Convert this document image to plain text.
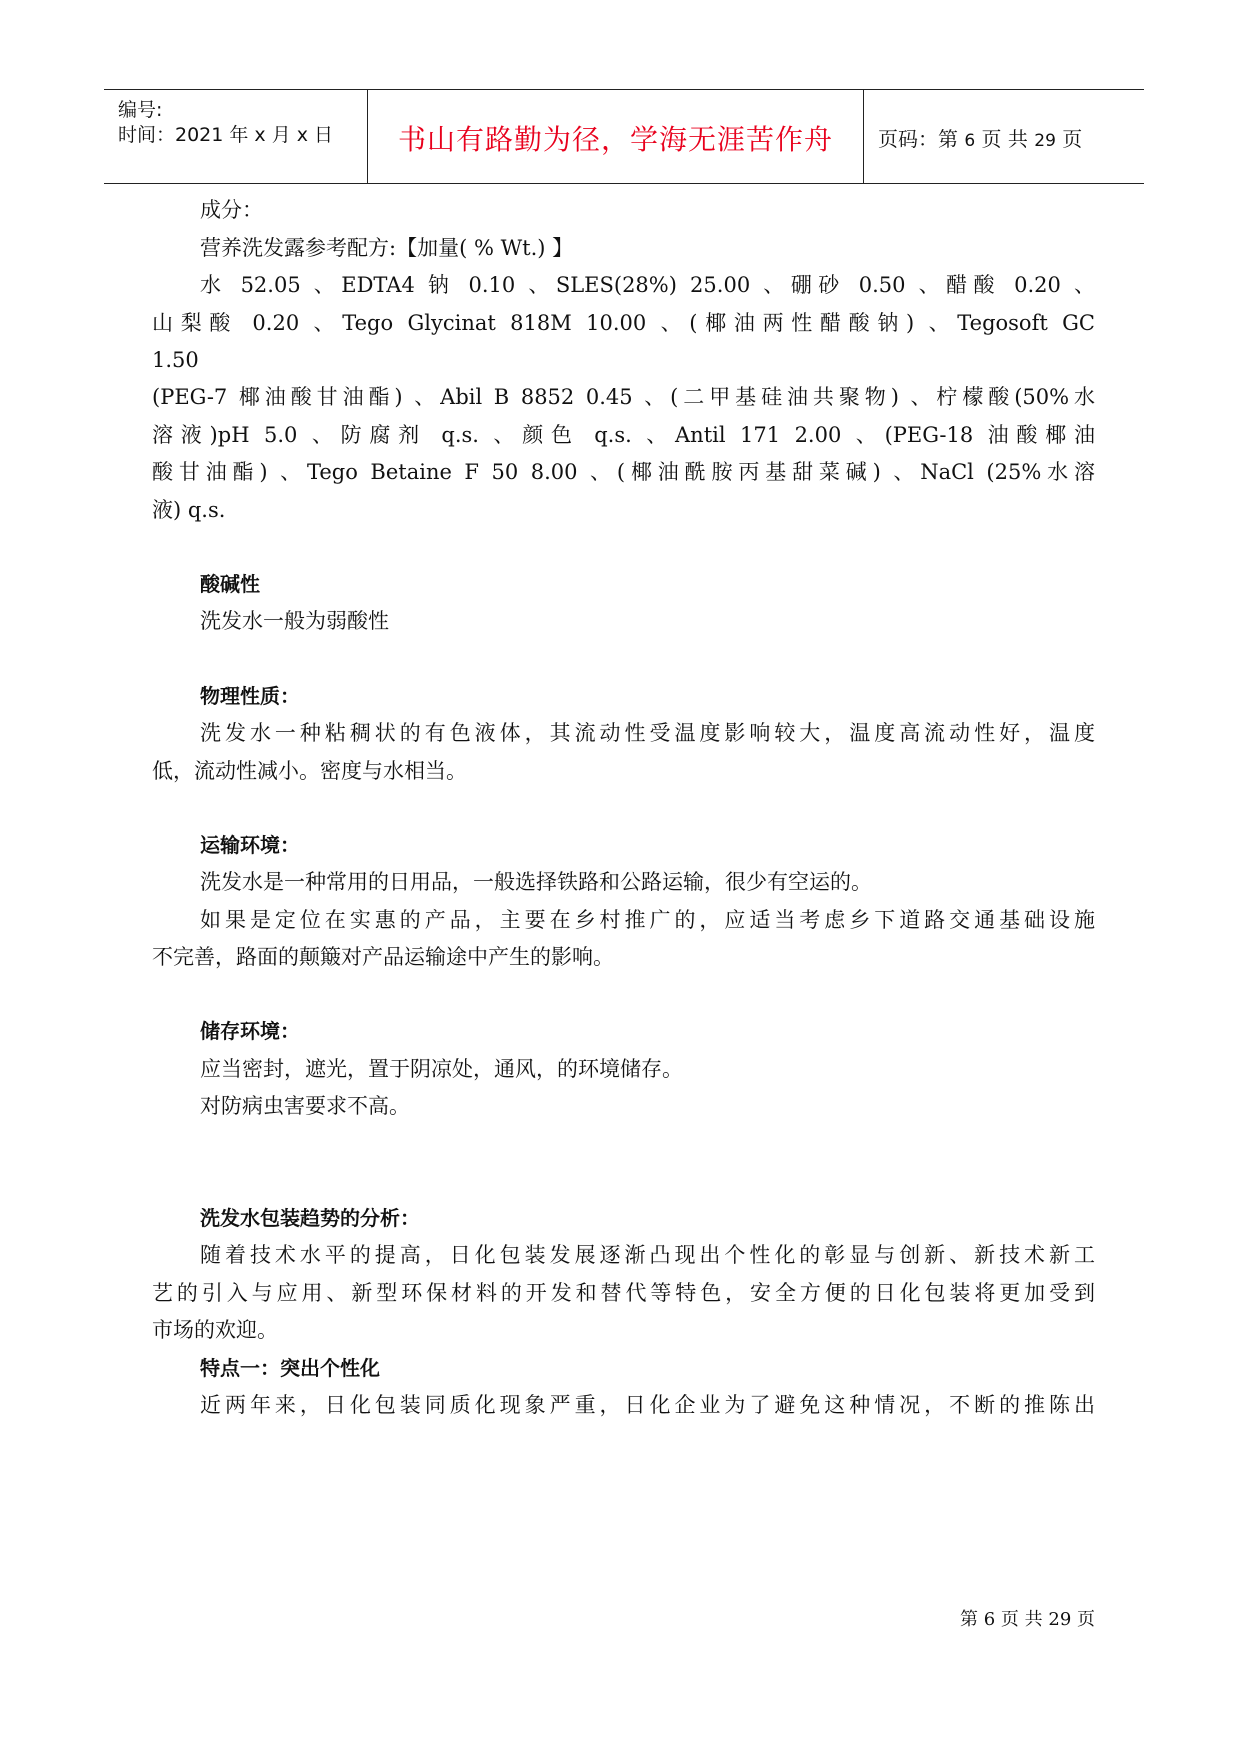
编号:
时间：2021 年 x 月 x 日	书山有路勤为径，学海无涯苦作舟	页码：第 6 页 共 29 页
成分：
营养洗发露参考配方:【加量( % Wt.) 】
水 52.05 、EDTA4 钠 0.10 、SLES(28%) 25.00 、硼砂 0.50 、醋酸 0.20 、
山梨酸 0.20 、Tego Glycinat 818M 10.00 、(椰油两性醋酸钠) 、Tegosoft GC
1.50
(PEG-7 椰油酸甘油酯) 、Abil B 8852 0.45 、(二甲基硅油共聚物) 、柠檬酸(50%水
溶液)pH 5.0 、防腐剂 q.s. 、颜色 q.s. 、Antil 171 2.00 、(PEG-18 油酸椰油
酸甘油酯) 、Tego Betaine F 50 8.00 、(椰油酰胺丙基甜菜碱) 、NaCl (25%水溶
液) q.s.
酸碱性
洗发水一般为弱酸性
物理性质：
洗发水一种粘稠状的有色液体，其流动性受温度影响较大，温度高流动性好，温度
低，流动性减小。密度与水相当。
运输环境：
洗发水是一种常用的日用品，一般选择铁路和公路运输，很少有空运的。
如果是定位在实惠的产品，主要在乡村推广的，应适当考虑乡下道路交通基础设施
不完善，路面的颠簸对产品运输途中产生的影响。
储存环境：
应当密封，遮光，置于阴凉处，通风，的环境储存。
对防病虫害要求不高。
洗发水包装趋势的分析：
随着技术水平的提高，日化包装发展逐渐凸现出个性化的彰显与创新、新技术新工
艺的引入与应用、新型环保材料的开发和替代等特色，安全方便的日化包装将更加受到
市场的欢迎。
特点一：突出个性化
近两年来，日化包装同质化现象严重，日化企业为了避免这种情况，不断的推陈出
第 6 页 共 29 页
